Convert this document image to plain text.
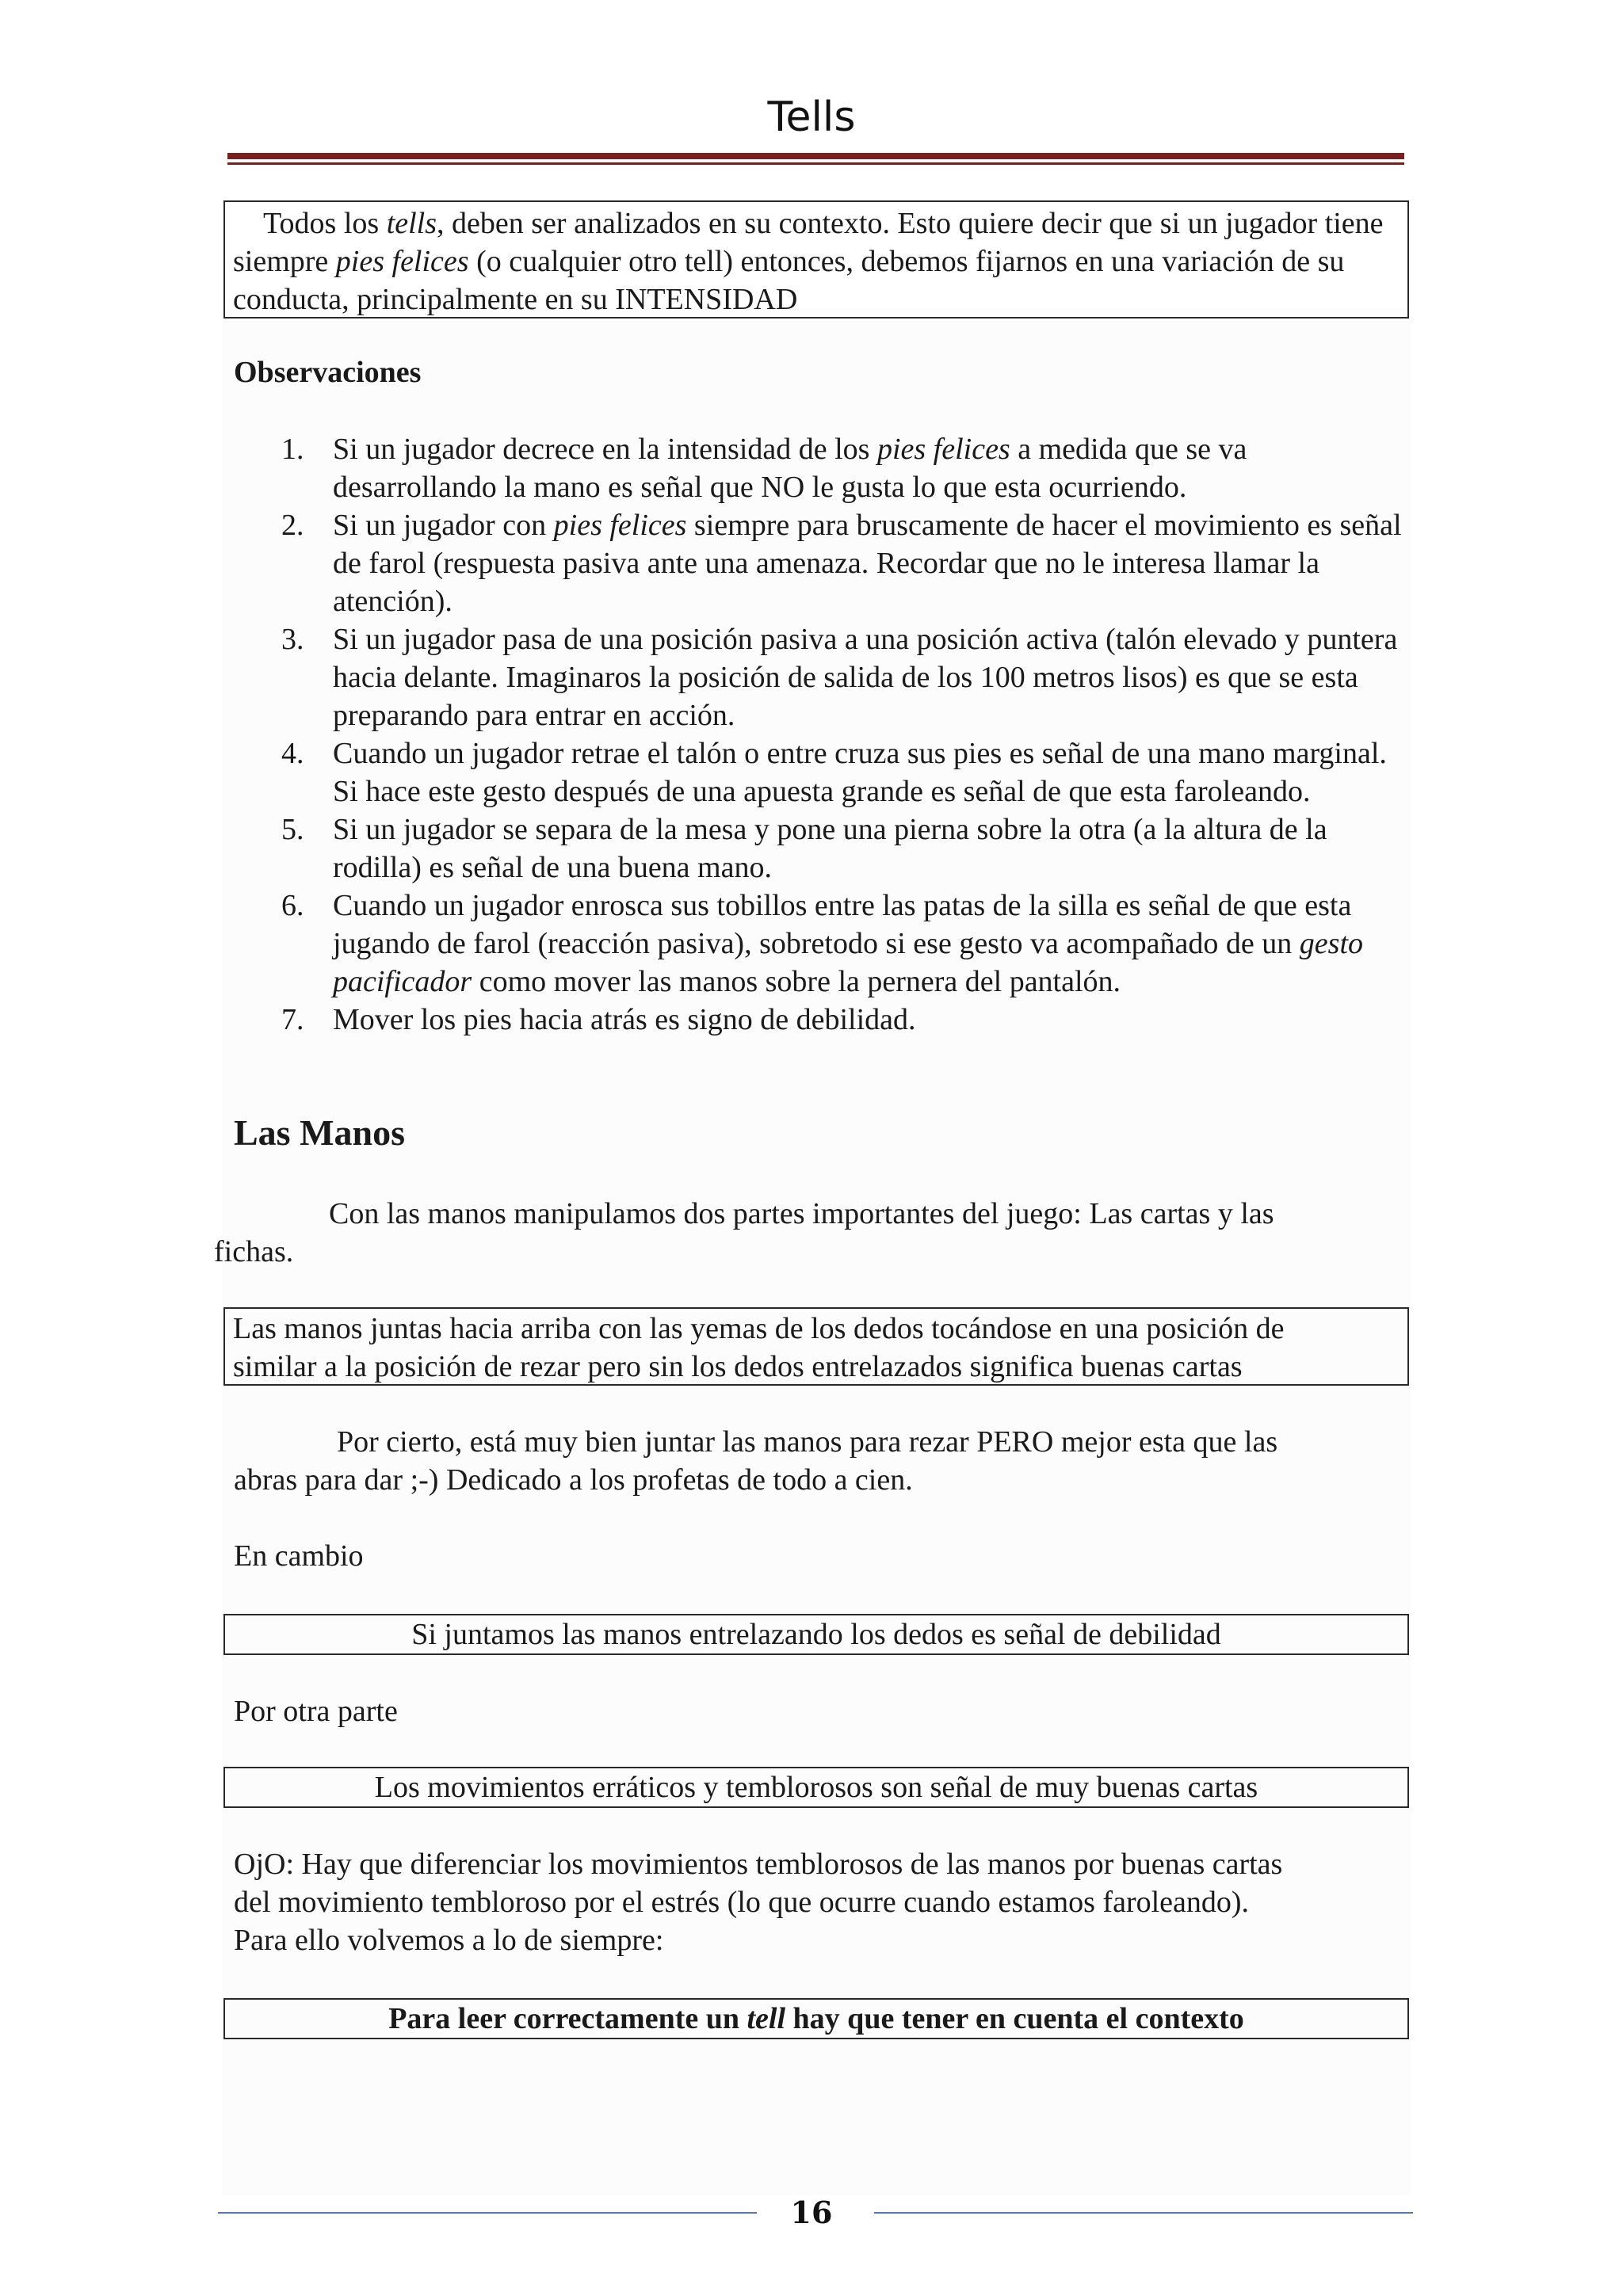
Tells

Todos los tells, deben ser analizados en su contexto. Esto quiere decir que si un jugador tiene siempre pies felices (o cualquier otro tell) entonces, debemos fijarnos en una variación de su conducta, principalmente en su INTENSIDAD

Observaciones
1. Si un jugador decrece en la intensidad de los pies felices a medida que se va desarrollando la mano es señal que NO le gusta lo que esta ocurriendo.
2. Si un jugador con pies felices siempre para bruscamente de hacer el movimiento es señal de farol (respuesta pasiva ante una amenaza. Recordar que no le interesa llamar la atención).
3. Si un jugador pasa de una posición pasiva a una posición activa (talón elevado y puntera hacia delante. Imaginaros la posición de salida de los 100 metros lisos) es que se esta preparando para entrar en acción.
4. Cuando un jugador retrae el talón o entre cruza sus pies es señal de una mano marginal. Si hace este gesto después de una apuesta grande es señal de que esta faroleando.
5. Si un jugador se separa de la mesa y pone una pierna sobre la otra (a la altura de la rodilla) es señal de una buena mano.
6. Cuando un jugador enrosca sus tobillos entre las patas de la silla es señal de que esta jugando de farol (reacción pasiva), sobretodo si ese gesto va acompañado de un gesto pacificador como mover las manos sobre la pernera del pantalón.
7. Mover los pies hacia atrás es signo de debilidad.
Las Manos

Con las manos manipulamos dos partes importantes del juego: Las cartas y las

fichas.

Las manos juntas hacia arriba con las yemas de los dedos tocándose en una posición de

similar a la posición de rezar pero sin los dedos entrelazados significa buenas cartas

Por cierto, está muy bien juntar las manos para rezar PERO mejor esta que las

abras para dar ;-) Dedicado a los profetas de todo a cien.

En cambio

Si juntamos las manos entrelazando los dedos es señal de debilidad

Por otra parte

Los movimientos erráticos y temblorosos son señal de muy buenas cartas

OjO: Hay que diferenciar los movimientos temblorosos de las manos por buenas cartas

del movimiento tembloroso por el estrés (lo que ocurre cuando estamos faroleando).

Para ello volvemos a lo de siempre:

Para leer correctamente un tell hay que tener en cuenta el contexto

16
